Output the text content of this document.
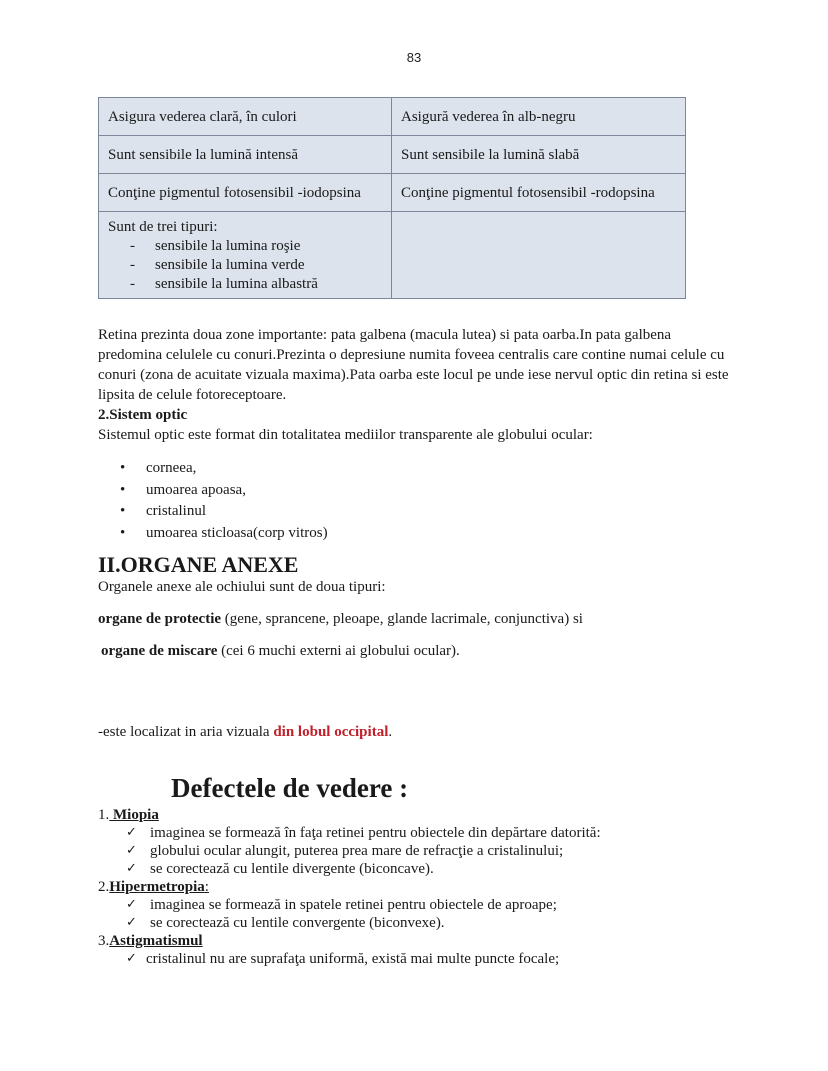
83
Asigura vederea clară, în culori	Asigură vederea în alb-negru
Sunt sensibile la lumină intensă	Sunt sensibile la lumină slabă
Conţine pigmentul fotosensibil -iodopsina	Conţine pigmentul fotosensibil -rodopsina

Sunt de trei tipuri:
- sensibile la lumina roşie
- sensibile la lumina verde
- sensibile la lumina albastră

Retina prezinta doua zone importante: pata galbena (macula lutea) si pata oarba.In pata galbena predomina celulele cu conuri.Prezinta o depresiune numita foveea centralis care contine numai celule cu conuri (zona de acuitate vizuala maxima).Pata oarba este locul pe unde iese nervul optic din retina si este lipsita de celule fotoreceptoare.
2.Sistem optic
Sistemul optic este format din totalitatea mediilor transparente ale globului ocular:
• corneea,
• umoarea apoasa,
• cristalinul
• umoarea sticloasa(corp vitros)
II.ORGANE ANEXE
Organele anexe ale ochiului sunt de doua tipuri:
organe de protectie (gene, sprancene, pleoape, glande lacrimale, conjunctiva) si
organe de miscare (cei 6 muchi externi ai globului ocular).
-este localizat in aria vizuala din lobul occipital.
Defectele de vedere :
1. Miopia
✓ imaginea se formează în faţa retinei pentru obiectele din depărtare datorită:
✓ globului ocular alungit, puterea prea mare de refracţie a cristalinului;
✓ se corectează cu lentile divergente (biconcave).
2.Hipermetropia:
✓ imaginea se formează in spatele retinei pentru obiectele de aproape;
✓ se corectează cu lentile convergente (biconvexe).
3.Astigmatismul
✓ cristalinul nu are suprafaţa uniformă, există mai multe puncte focale;
